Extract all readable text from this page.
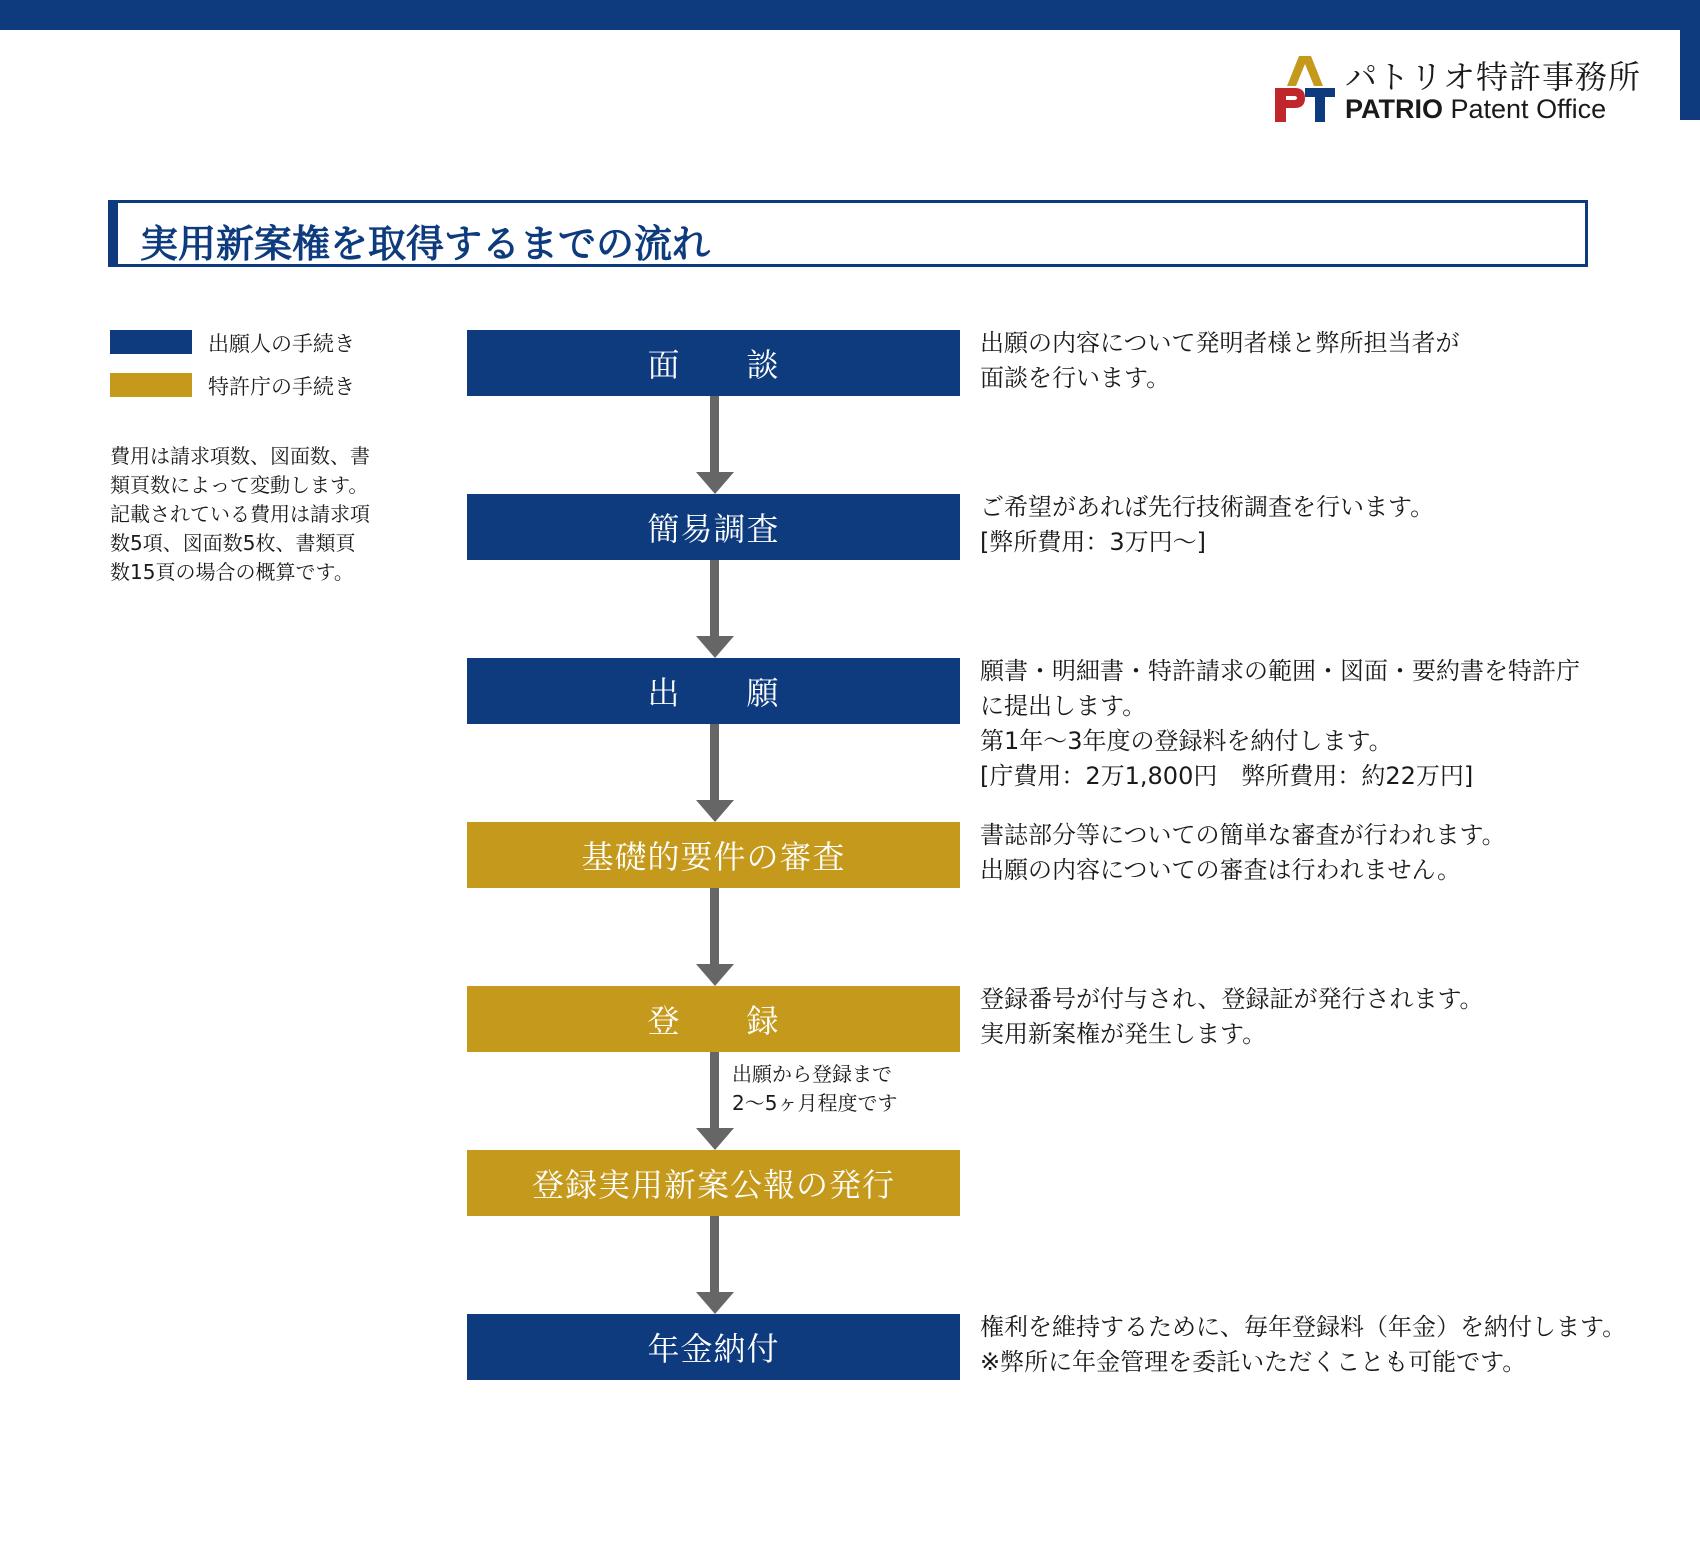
パトリオ特許事務所
PATRIO Patent Office
実用新案権を取得するまでの流れ
出願人の手続き
特許庁の手続き
費用は請求項数、図面数、書類頁数によって変動します。記載されている費用は請求項数5項、図面数5枚、書類頁数15頁の場合の概算です。
面　　談
簡易調査
出　　願
基礎的要件の審査
登　　録
登録実用新案公報の発行
年金納付
出願の内容について発明者様と弊所担当者が
面談を行います。
ご希望があれば先行技術調査を行います。
[弊所費用：3万円〜]
願書・明細書・特許請求の範囲・図面・要約書を特許庁
に提出します。
第1年〜3年度の登録料を納付します。
[庁費用：2万1,800円　弊所費用：約22万円]
書誌部分等についての簡単な審査が行われます。
出願の内容についての審査は行われません。
登録番号が付与され、登録証が発行されます。
実用新案権が発生します。
権利を維持するために、毎年登録料（年金）を納付します。
※弊所に年金管理を委託いただくことも可能です。
出願から登録まで
2〜5ヶ月程度です
